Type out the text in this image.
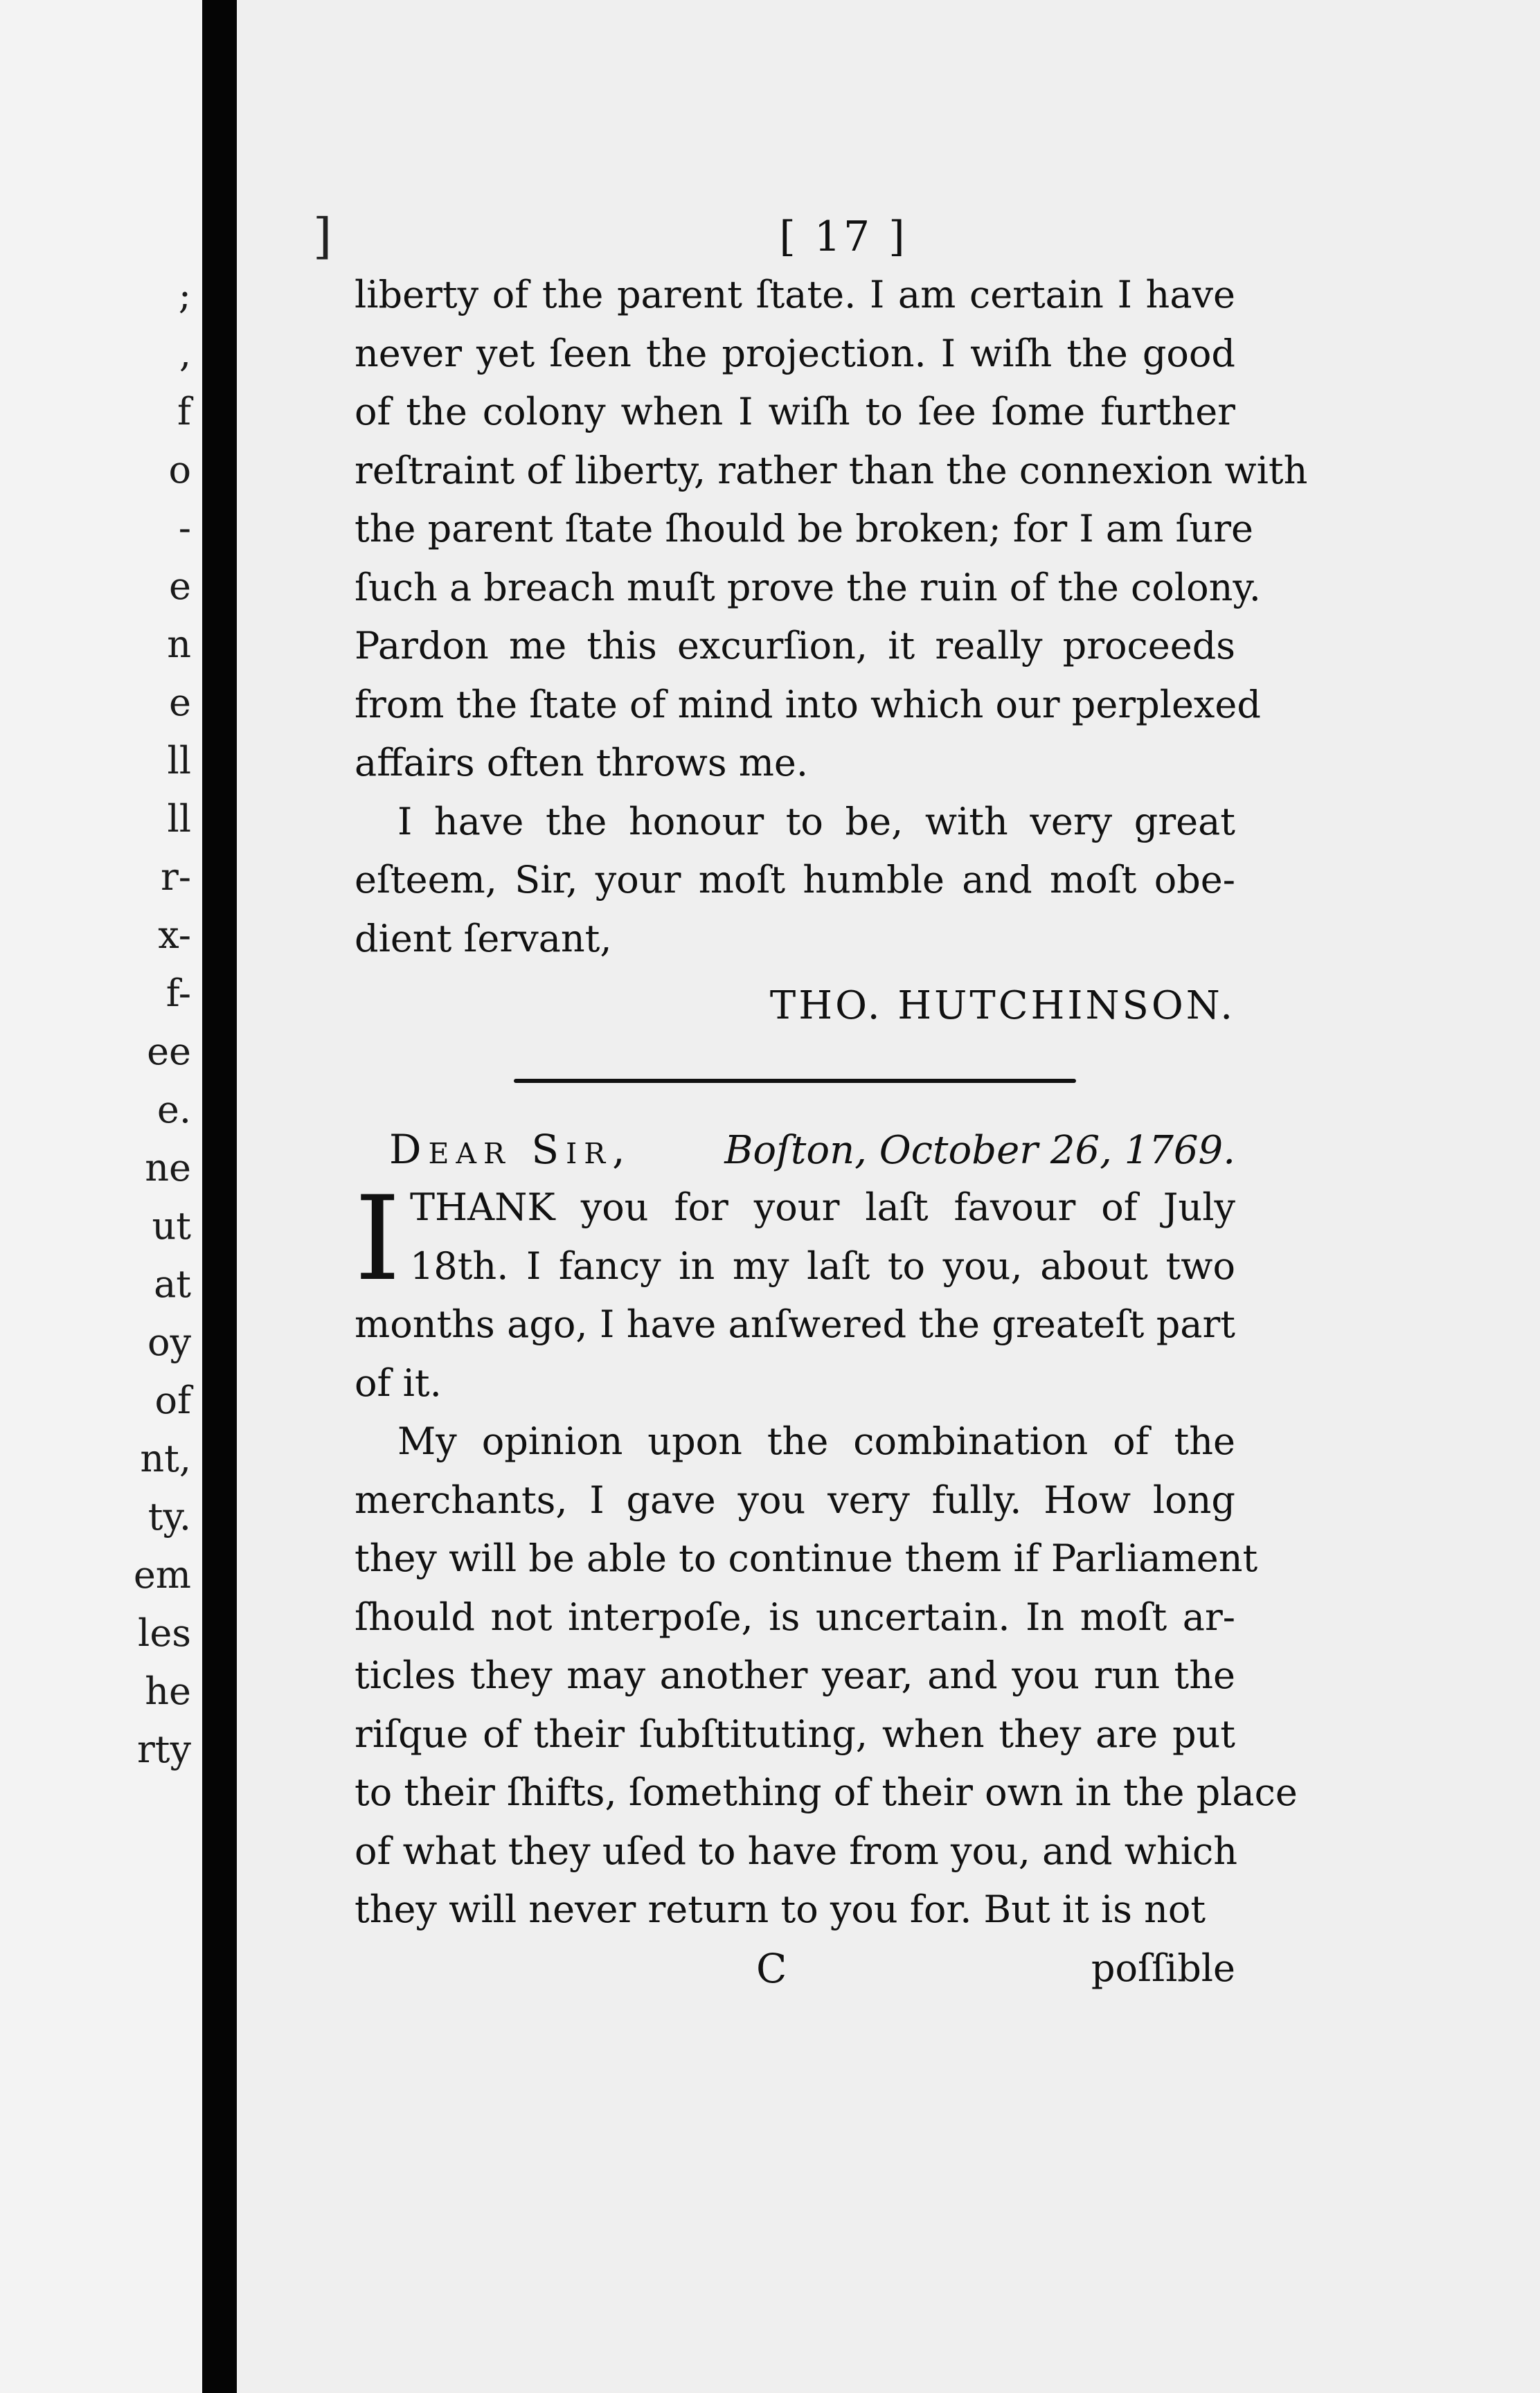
;

,

f

o

-

e

n

e

ll

ll

r-

x-

f-

ee

e.

ne

ut

at

oy

of

nt,

ty.

em

les

he

rty

]	[ 17 ]

liberty of the parent ſtate. I am certain I have
never yet ſeen the projection. I wiſh the good
of the colony when I wiſh to ſee ſome further
reſtraint of liberty, rather than the connexion with
the parent ſtate ſhould be broken; for I am ſure
ſuch a breach muſt prove the ruin of the colony.
Pardon me this excurſion, it really proceeds
from the ſtate of mind into which our perplexed
affairs often throws me.
I have the honour to be, with very great
eſteem, Sir, your moſt humble and moſt obe-
dient ſervant,

THO. HUTCHINSON.

Dear Sir, Boſton, October 26, 1769.
I THANK you for your laſt favour of July
18th. I fancy in my laſt to you, about two
months ago, I have anſwered the greateſt part
of it.
My opinion upon the combination of the
merchants, I gave you very fully. How long
they will be able to continue them if Parliament
ſhould not interpoſe, is uncertain. In moſt ar-
ticles they may another year, and you run the
riſque of their ſubſtituting, when they are put
to their ſhifts, ſomething of their own in the place
of what they uſed to have from you, and which
they will never return to you for. But it is not
C	poſſible
